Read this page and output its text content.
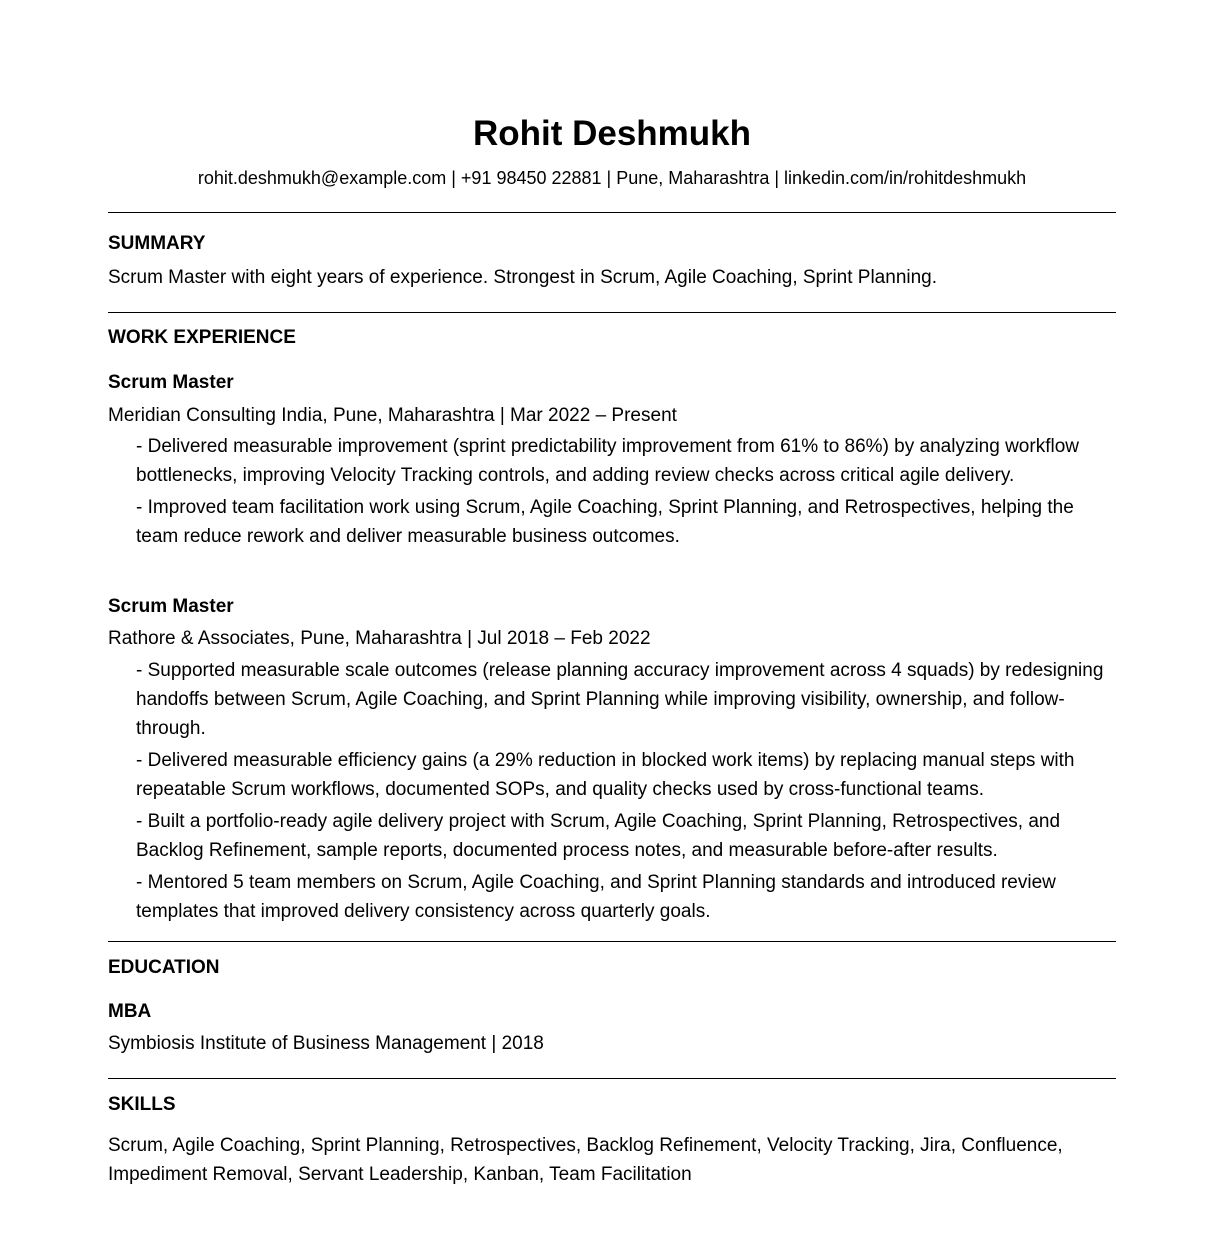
Rohit Deshmukh
rohit.deshmukh@example.com | +91 98450 22881 | Pune, Maharashtra | linkedin.com/in/rohitdeshmukh
SUMMARY
Scrum Master with eight years of experience. Strongest in Scrum, Agile Coaching, Sprint Planning.
WORK EXPERIENCE
Scrum Master
Meridian Consulting India, Pune, Maharashtra | Mar 2022 – Present
- Delivered measurable improvement (sprint predictability improvement from 61% to 86%) by analyzing workflow bottlenecks, improving Velocity Tracking controls, and adding review checks across critical agile delivery.
- Improved team facilitation work using Scrum, Agile Coaching, Sprint Planning, and Retrospectives, helping the team reduce rework and deliver measurable business outcomes.
Scrum Master
Rathore & Associates, Pune, Maharashtra | Jul 2018 – Feb 2022
- Supported measurable scale outcomes (release planning accuracy improvement across 4 squads) by redesigning handoffs between Scrum, Agile Coaching, and Sprint Planning while improving visibility, ownership, and follow-through.
- Delivered measurable efficiency gains (a 29% reduction in blocked work items) by replacing manual steps with repeatable Scrum workflows, documented SOPs, and quality checks used by cross-functional teams.
- Built a portfolio-ready agile delivery project with Scrum, Agile Coaching, Sprint Planning, Retrospectives, and Backlog Refinement, sample reports, documented process notes, and measurable before-after results.
- Mentored 5 team members on Scrum, Agile Coaching, and Sprint Planning standards and introduced review templates that improved delivery consistency across quarterly goals.
EDUCATION
MBA
Symbiosis Institute of Business Management | 2018
SKILLS
Scrum, Agile Coaching, Sprint Planning, Retrospectives, Backlog Refinement, Velocity Tracking, Jira, Confluence, Impediment Removal, Servant Leadership, Kanban, Team Facilitation
